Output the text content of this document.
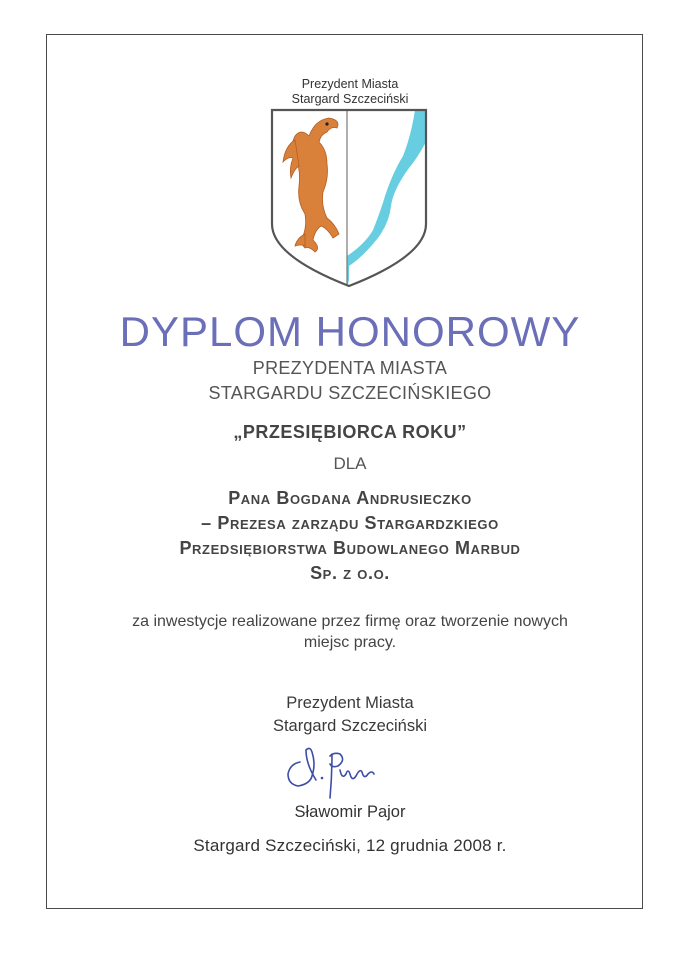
Prezydent Miasta
Stargard Szczeciński
DYPLOM HONOROWY
PREZYDENTA MIASTA
STARGARDU SZCZECIŃSKIEGO
„PRZESIĘBIORCA ROKU”
DLA
Pana Bogdana Andrusieczko
– Prezesa zarządu Stargardzkiego
Przedsiębiorstwa Budowlanego Marbud
Sp. z o.o.
za inwestycje realizowane przez firmę oraz tworzenie nowych
miejsc pracy.
Prezydent Miasta
Stargard Szczeciński
Sławomir Pajor
Stargard Szczeciński, 12 grudnia 2008 r.
